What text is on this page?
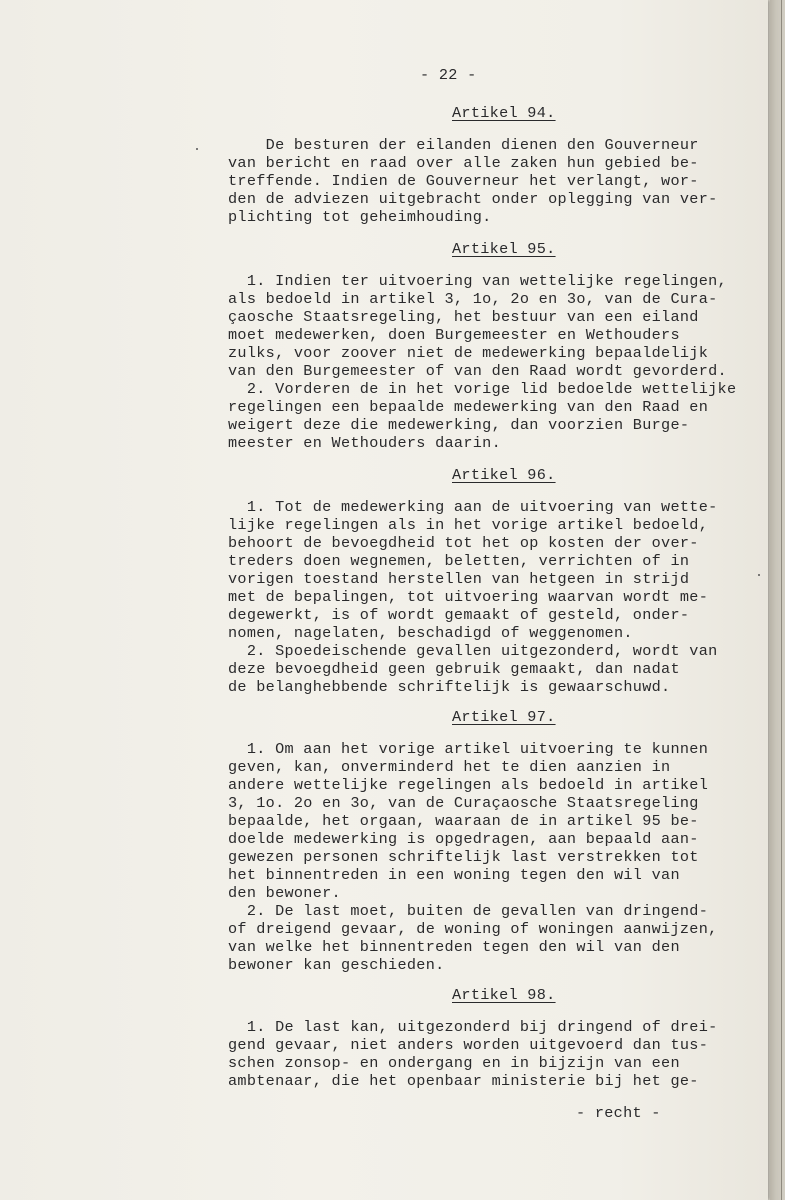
- 22 -
Artikel 94.
De besturen der eilanden dienen den Gouverneur
van bericht en raad over alle zaken hun gebied be-
treffende. Indien de Gouverneur het verlangt, wor-
den de adviezen uitgebracht onder oplegging van ver-
plichting tot geheimhouding.
Artikel 95.
1. Indien ter uitvoering van wettelijke regelingen,
als bedoeld in artikel 3, 1o, 2o en 3o, van de Cura-
çaosche Staatsregeling, het bestuur van een eiland
moet medewerken, doen Burgemeester en Wethouders
zulks, voor zoover niet de medewerking bepaaldelijk
van den Burgemeester of van den Raad wordt gevorderd.
2. Vorderen de in het vorige lid bedoelde wettelijke
regelingen een bepaalde medewerking van den Raad en
weigert deze die medewerking, dan voorzien Burge-
meester en Wethouders daarin.
Artikel 96.
1. Tot de medewerking aan de uitvoering van wette-
lijke regelingen als in het vorige artikel bedoeld,
behoort de bevoegdheid tot het op kosten der over-
treders doen wegnemen, beletten, verrichten of in
vorigen toestand herstellen van hetgeen in strijd
met de bepalingen, tot uitvoering waarvan wordt me-
degewerkt, is of wordt gemaakt of gesteld, onder-
nomen, nagelaten, beschadigd of weggenomen.
2. Spoedeischende gevallen uitgezonderd, wordt van
deze bevoegdheid geen gebruik gemaakt, dan nadat
de belanghebbende schriftelijk is gewaarschuwd.
Artikel 97.
1. Om aan het vorige artikel uitvoering te kunnen
geven, kan, onverminderd het te dien aanzien in
andere wettelijke regelingen als bedoeld in artikel
3, 1o. 2o en 3o, van de Curaçaosche Staatsregeling
bepaalde, het orgaan, waaraan de in artikel 95 be-
doelde medewerking is opgedragen, aan bepaald aan-
gewezen personen schriftelijk last verstrekken tot
het binnentreden in een woning tegen den wil van
den bewoner.
2. De last moet, buiten de gevallen van dringend-
of dreigend gevaar, de woning of woningen aanwijzen,
van welke het binnentreden tegen den wil van den
bewoner kan geschieden.
Artikel 98.
1. De last kan, uitgezonderd bij dringend of drei-
gend gevaar, niet anders worden uitgevoerd dan tus-
schen zonsop- en ondergang en in bijzijn van een
ambtenaar, die het openbaar ministerie bij het ge-
- recht -
